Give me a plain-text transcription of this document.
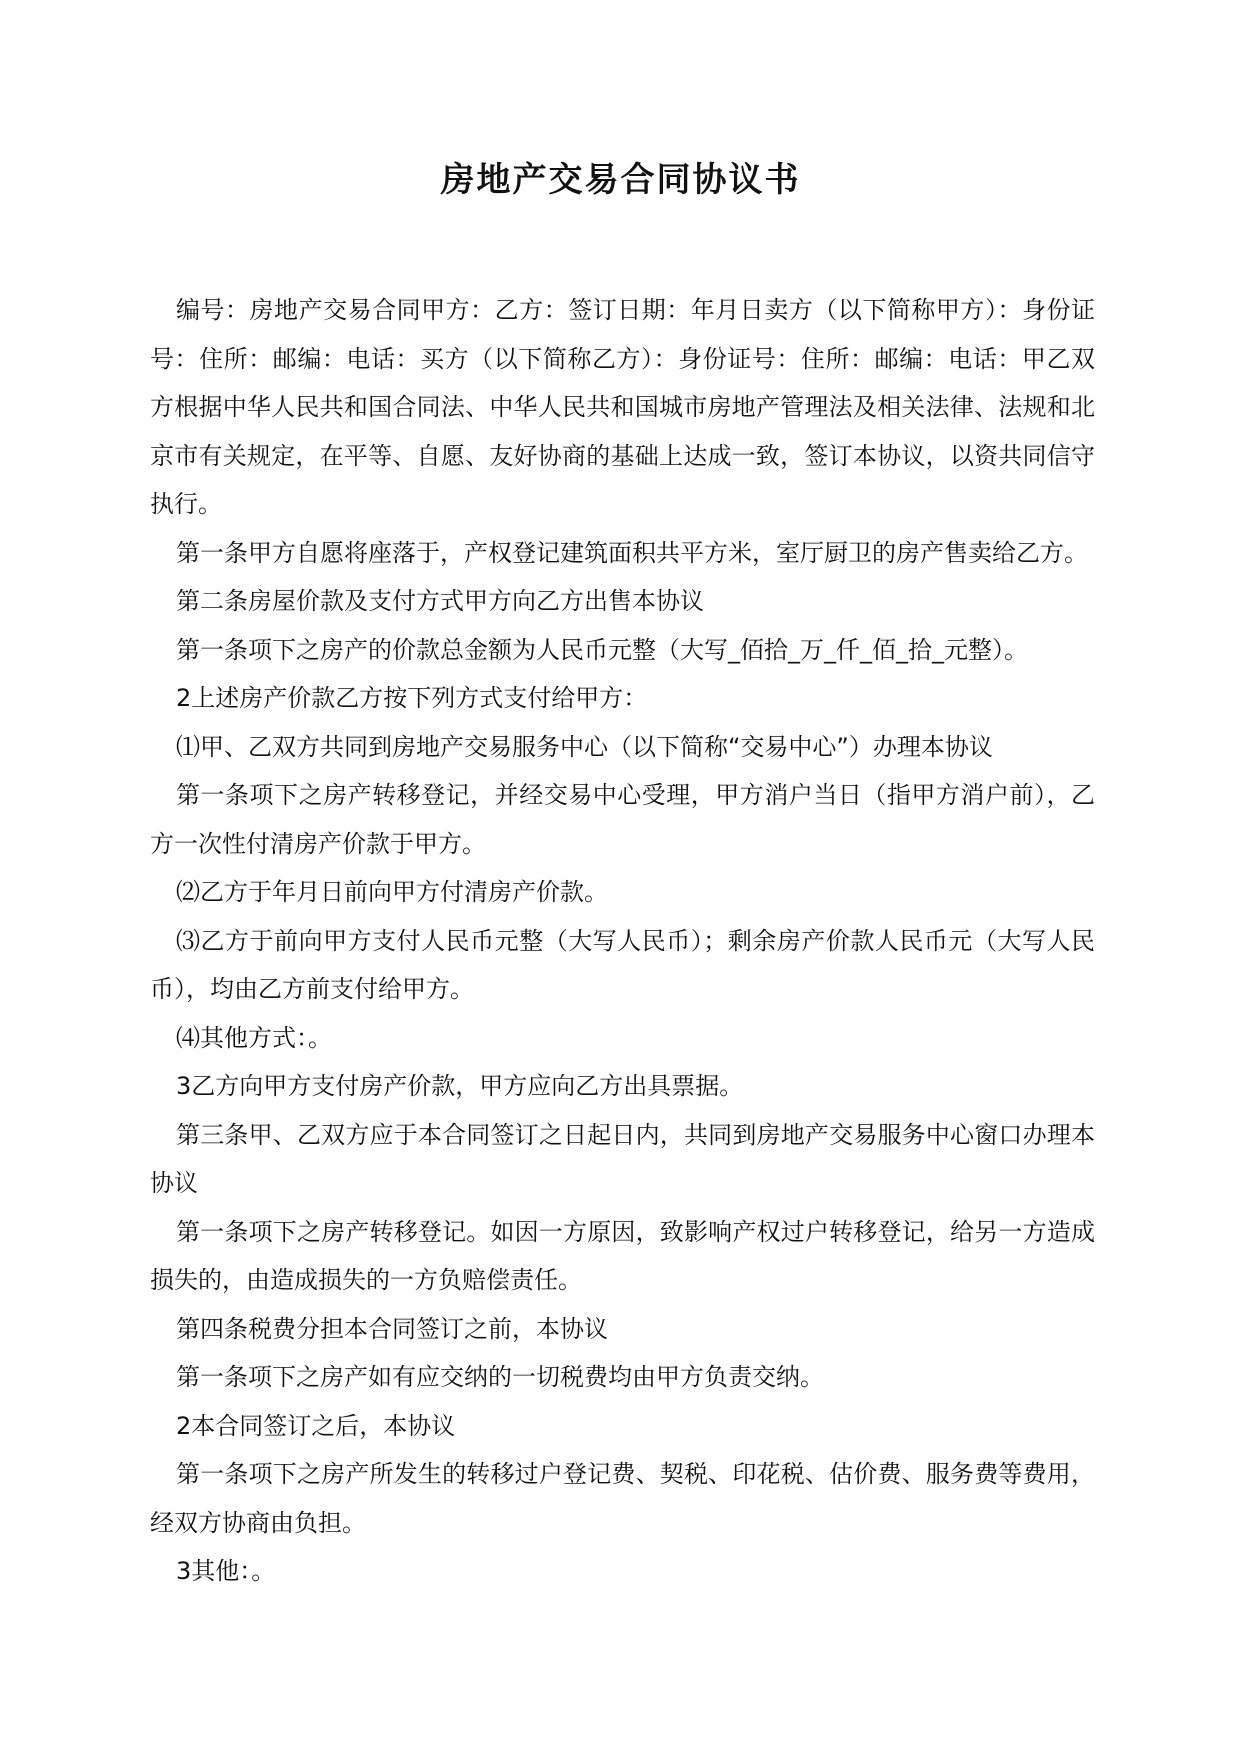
房地产交易合同协议书

编号：房地产交易合同甲方：乙方：签订日期：年月日卖方（以下简称甲方）：身份证号：住所：邮编：电话：买方（以下简称乙方）：身份证号：住所：邮编：电话：甲乙双方根据中华人民共和国合同法、中华人民共和国城市房地产管理法及相关法律、法规和北京市有关规定，在平等、自愿、友好协商的基础上达成一致，签订本协议，以资共同信守执行。

第一条甲方自愿将座落于，产权登记建筑面积共平方米，室厅厨卫的房产售卖给乙方。

第二条房屋价款及支付方式甲方向乙方出售本协议

第一条项下之房产的价款总金额为人民币元整（大写_佰拾_万_仟_佰_拾_元整）。

2上述房产价款乙方按下列方式支付给甲方：

⑴甲、乙双方共同到房地产交易服务中心（以下简称“交易中心”）办理本协议

第一条项下之房产转移登记，并经交易中心受理，甲方消户当日（指甲方消户前），乙方一次性付清房产价款于甲方。

⑵乙方于年月日前向甲方付清房产价款。

⑶乙方于前向甲方支付人民币元整（大写人民币）；剩余房产价款人民币元（大写人民币），均由乙方前支付给甲方。

⑷其他方式：。

3乙方向甲方支付房产价款，甲方应向乙方出具票据。

第三条甲、乙双方应于本合同签订之日起日内，共同到房地产交易服务中心窗口办理本协议

第一条项下之房产转移登记。如因一方原因，致影响产权过户转移登记，给另一方造成损失的，由造成损失的一方负赔偿责任。

第四条税费分担本合同签订之前，本协议

第一条项下之房产如有应交纳的一切税费均由甲方负责交纳。

2本合同签订之后，本协议

第一条项下之房产所发生的转移过户登记费、契税、印花税、估价费、服务费等费用，经双方协商由负担。

3其他：。
